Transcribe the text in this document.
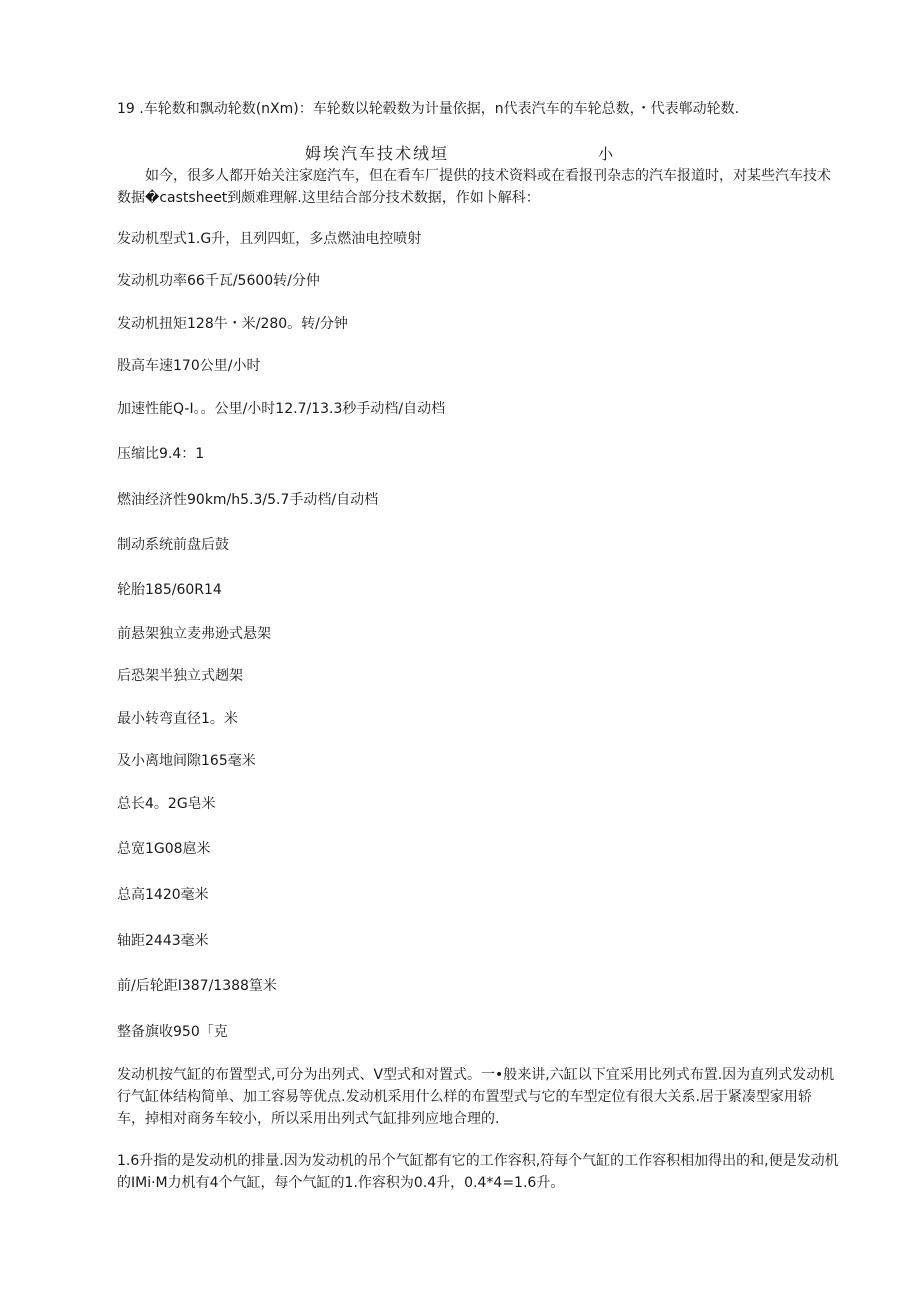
19 .车轮数和飘动轮数(nXm)：车轮数以轮毂数为计量依据，n代表汽车的车轮总数，・代表郸动轮数.
姆埃汽车技术绒垣	小
如今，很多人都开始关注家庭汽车，但在看车厂提供的技术资料或在看报刊杂志的汽车报道时，对某些汽车技术数据�castsheet到颇难理解.这里结合部分技术数据，作如卜解科：
发动机型式1.G升，且列四虹，多点燃油电控喷射
发动机功率66千瓦/5600转/分仲
发动机扭矩128牛・米/280。转/分钟
股高车速170公里/小时
加速性能Q-I。。公里/小时12.7/13.3秒手动档/自动档
压缩比9.4：1
燃油经济性90km/h5.3/5.7手动档/自动档
制动系统前盘后鼓
轮胎185/60R14
前悬架独立麦弗逊式悬架
后恐架半独立式趔架
最小转弯直径1。米
及小离地间隙165毫米
总长4。2G皂米
总宽1G08扈米
总高1420毫米
轴距2443毫米
前/后轮距I387/1388篁米
整备旗收950「克
发动机按气缸的布置型式,可分为出列式、V型式和对置式。一•般来讲,六缸以下宜采用比列式布置.因为直列式发动机行气缸体结构简单、加工容易等优点.发动机采用什么样的布置型式与它的车型定位有很大关系.居于紧凑型家用轿车，掉相对商务车较小，所以采用出列式气缸排列应地合理的.
1.6升指的是发动机的排量.因为发动机的吊个气缸都有它的工作容积,符每个气缸的工作容积相加得出的和,便是发动机的IMi·M力机有4个气缸，每个气缸的1.作容积为0.4升，0.4*4=1.6升。
